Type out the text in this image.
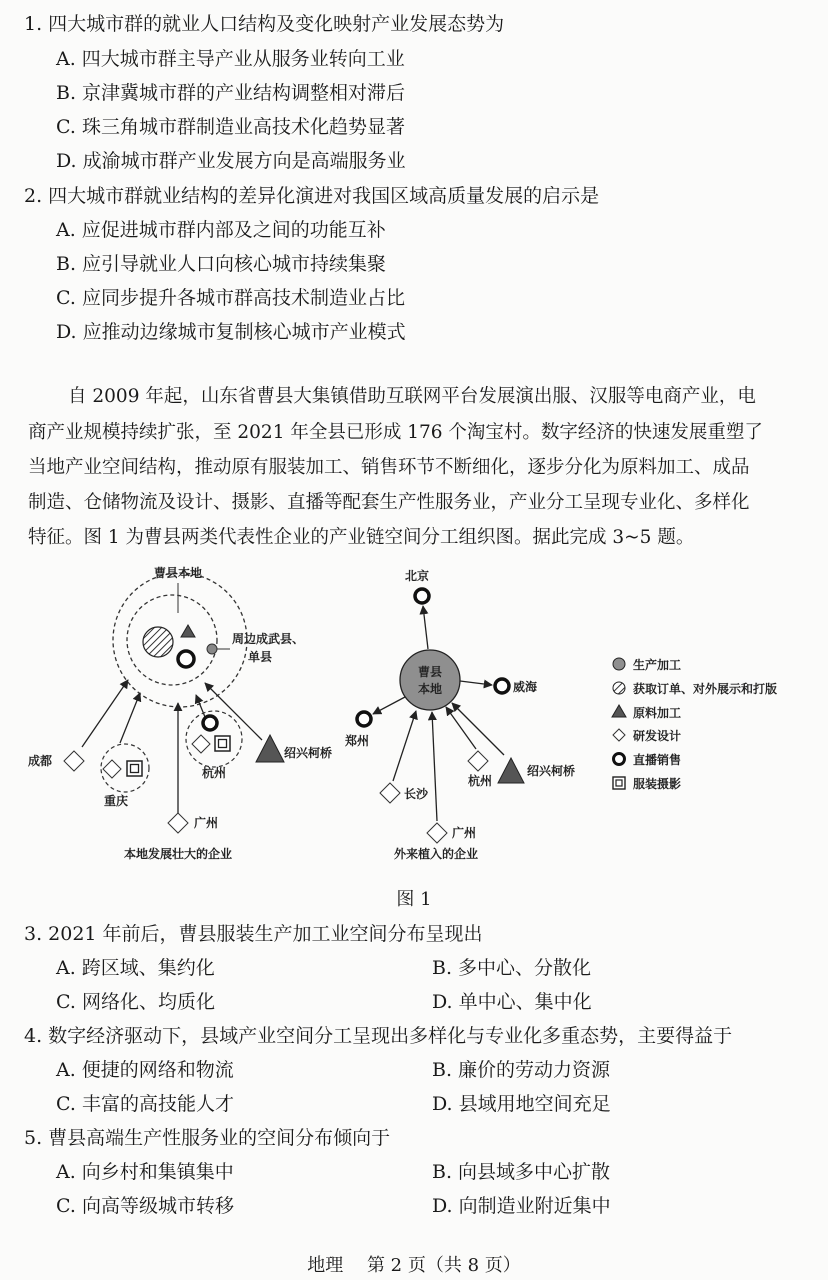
1. 四大城市群的就业人口结构及变化映射产业发展态势为
A. 四大城市群主导产业从服务业转向工业
B. 京津冀城市群的产业结构调整相对滞后
C. 珠三角城市群制造业高技术化趋势显著
D. 成渝城市群产业发展方向是高端服务业
2. 四大城市群就业结构的差异化演进对我国区域高质量发展的启示是
A. 应促进城市群内部及之间的功能互补
B. 应引导就业人口向核心城市持续集聚
C. 应同步提升各城市群高技术制造业占比
D. 应推动边缘城市复制核心城市产业模式
自 2009 年起，山东省曹县大集镇借助互联网平台发展演出服、汉服等电商产业，电
商产业规模持续扩张，至 2021 年全县已形成 176 个淘宝村。数字经济的快速发展重塑了
当地产业空间结构，推动原有服装加工、销售环节不断细化，逐步分化为原料加工、成品
制造、仓储物流及设计、摄影、直播等配套生产性服务业，产业分工呈现专业化、多样化
特征。图 1 为曹县两类代表性企业的产业链空间分工组织图。据此完成 3~5 题。
曹县本地
周边成武县、
单县
成都
重庆
广州
杭州
绍兴柯桥
本地发展壮大的企业
曹县
本地
北京
威海
郑州
长沙
杭州
广州
绍兴柯桥
外来植入的企业
生产加工
获取订单、对外展示和打版
原料加工
研发设计
直播销售
服装摄影
图 1
3. 2021 年前后，曹县服装生产加工业空间分布呈现出
A. 跨区域、集约化	B. 多中心、分散化
C. 网络化、均质化	D. 单中心、集中化
4. 数字经济驱动下，县域产业空间分工呈现出多样化与专业化多重态势，主要得益于
A. 便捷的网络和物流	B. 廉价的劳动力资源
C. 丰富的高技能人才	D. 县域用地空间充足
5. 曹县高端生产性服务业的空间分布倾向于
A. 向乡村和集镇集中	B. 向县域多中心扩散
C. 向高等级城市转移	D. 向制造业附近集中
地理　 第 2 页（共 8 页）
